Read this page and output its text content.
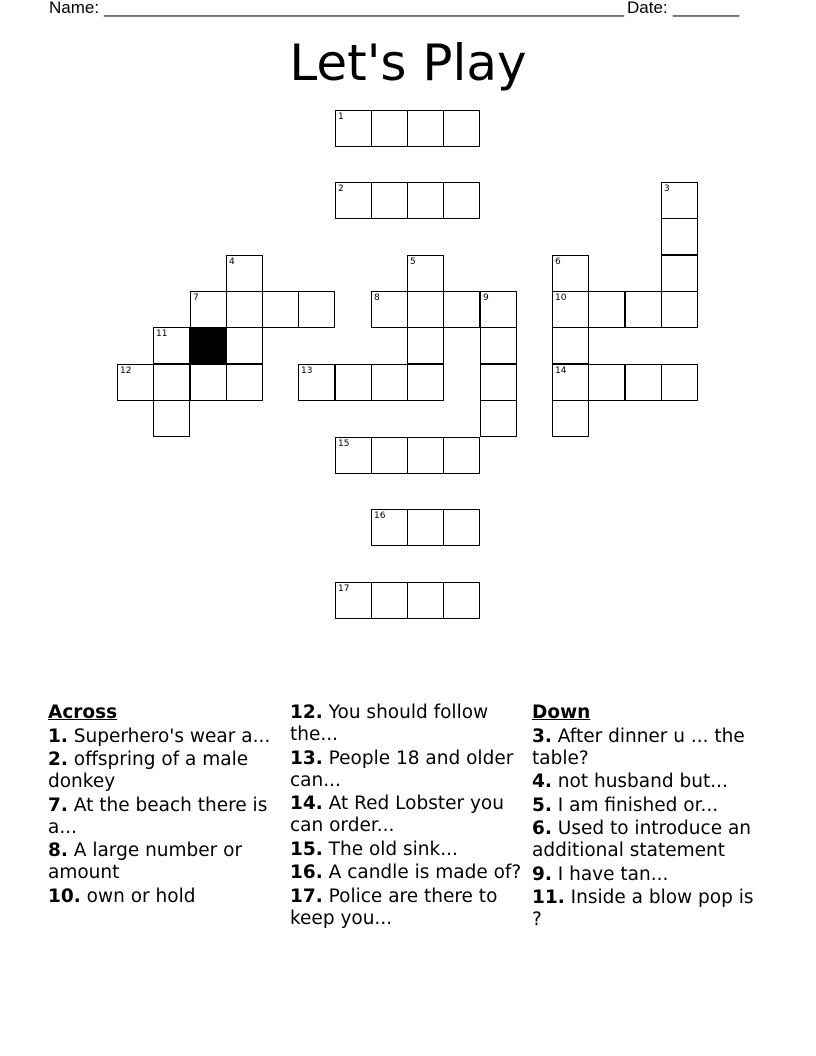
Name: _______________________________________________________ Date: _______
Let's Play
1
2	3
4	5	6
7	8	9	10
11
12	13	14
15
16
17
Across
1. Superhero's wear a...
2. offspring of a male donkey
7. At the beach there is a...
8. A large number or amount
10. own or hold
12. You should follow the...
13. People 18 and older can...
14. At Red Lobster you can order...
15. The old sink...
16. A candle is made of?
17. Police are there to keep you...
Down
3. After dinner u ... the table?
4. not husband but...
5. I am finished or...
6. Used to introduce an additional statement
9. I have tan...
11. Inside a blow pop is ?
